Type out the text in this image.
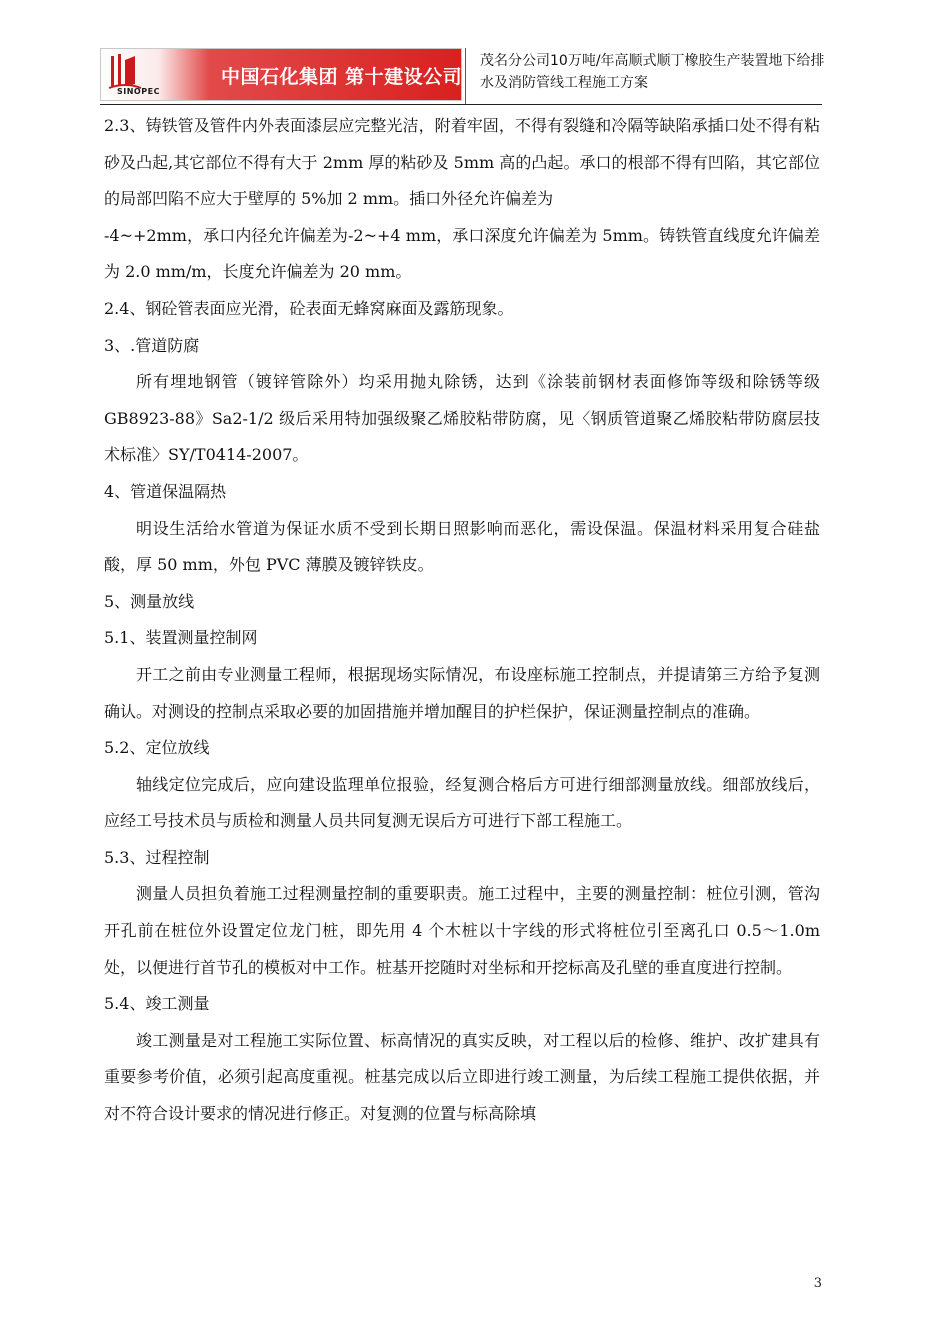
SINOPEC
中国石化集团 第十建设公司
茂名分公司10万吨/年高顺式顺丁橡胶生产装置地下给排水及消防管线工程施工方案

2.3、铸铁管及管件内外表面漆层应完整光洁，附着牢固，不得有裂缝和冷隔等缺陷承插口处不得有粘砂及凸起,其它部位不得有大于 2mm 厚的粘砂及 5mm 高的凸起。承口的根部不得有凹陷，其它部位的局部凹陷不应大于壁厚的 5%加 2 mm。插口外径允许偏差为

-4~+2mm，承口内径允许偏差为-2~+4 mm，承口深度允许偏差为 5mm。铸铁管直线度允许偏差为 2.0 mm/m，长度允许偏差为 20 mm。

2.4、钢砼管表面应光滑，砼表面无蜂窝麻面及露筋现象。

3、.管道防腐

所有埋地钢管（镀锌管除外）均采用抛丸除锈，达到《涂装前钢材表面修饰等级和除锈等级 GB8923-88》Sa2-1/2 级后采用特加强级聚乙烯胶粘带防腐，见〈钢质管道聚乙烯胶粘带防腐层技术标准〉SY/T0414-2007。

4、管道保温隔热

明设生活给水管道为保证水质不受到长期日照影响而恶化，需设保温。保温材料采用复合硅盐酸，厚 50 mm，外包 PVC 薄膜及镀锌铁皮。

5、测量放线

5.1、装置测量控制网

开工之前由专业测量工程师，根据现场实际情况，布设座标施工控制点，并提请第三方给予复测确认。对测设的控制点采取必要的加固措施并增加醒目的护栏保护，保证测量控制点的准确。

5.2、定位放线

轴线定位完成后，应向建设监理单位报验，经复测合格后方可进行细部测量放线。细部放线后，应经工号技术员与质检和测量人员共同复测无误后方可进行下部工程施工。

5.3、过程控制

测量人员担负着施工过程测量控制的重要职责。施工过程中，主要的测量控制：桩位引测，管沟开孔前在桩位外设置定位龙门桩，即先用 4 个木桩以十字线的形式将桩位引至离孔口 0.5～1.0m 处，以便进行首节孔的模板对中工作。桩基开挖随时对坐标和开挖标高及孔壁的垂直度进行控制。

5.4、竣工测量

竣工测量是对工程施工实际位置、标高情况的真实反映，对工程以后的检修、维护、改扩建具有重要参考价值，必须引起高度重视。桩基完成以后立即进行竣工测量，为后续工程施工提供依据，并对不符合设计要求的情况进行修正。对复测的位置与标高除填

3
